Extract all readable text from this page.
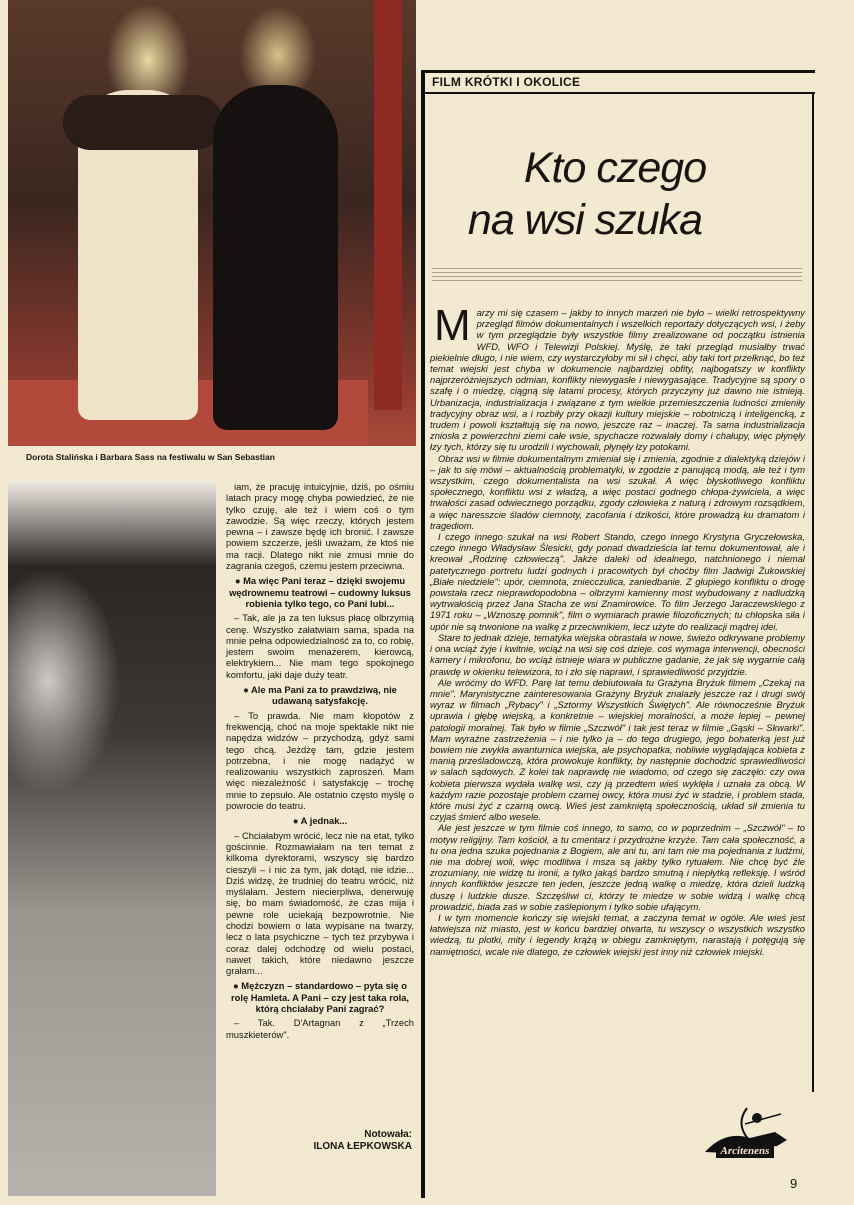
Dorota Stalińska i Barbara Sass na festiwalu w San Sebastian

iam, że pracuję intuicyjnie, dziś, po ośmiu latach pracy mogę chyba powiedzieć, że nie tylko czuję, ale też i wiem coś o tym zawodzie. Są więc rzeczy, których jestem pewna – i zawsze będę ich bronić. I zawsze powiem szczerze, jeśli uważam, że ktoś nie ma racji. Dlatego nikt nie zmusi mnie do zagrania czegoś, czemu jestem przeciwna.

● Ma więc Pani teraz – dzięki swojemu wędrownemu teatrowi – cudowny luksus robienia tylko tego, co Pani lubi...

– Tak, ale ja za ten luksus płacę olbrzymią cenę. Wszystko załatwiam sama, spada na mnie pełna odpowiedzialność za to, co robię, jestem swoim menażerem, kierowcą, elektrykiem... Nie mam tego spokojnego komfortu, jaki daje duży teatr.

● Ale ma Pani za to prawdziwą, nie udawaną satysfakcję.

– To prawda. Nie mam kłopotów z frekwencją, choć na moje spektakle nikt nie napędza widzów – przychodzą, gdyż sami tego chcą. Jeżdżę tam, gdzie jestem potrzebna, i nie mogę nadążyć w realizowaniu wszystkich zaproszeń. Mam więc niezależność i satysfakcję – trochę mnie to zepsuło. Ale ostatnio często myślę o powrocie do teatru.

● A jednak...

– Chciałabym wrócić, lecz nie na etat, tylko gościnnie. Rozmawiałam na ten temat z kilkoma dyrektorami, wszyscy się bardzo cieszyli – i nic za tym, jak dotąd, nie idzie... Dziś widzę, że trudniej do teatru wrócić, niż myślałam. Jestem niecierpliwa, denerwuję się, bo mam świadomość, że czas mija i pewne role uciekają bezpowrotnie. Nie chodzi bowiem o lata wypisane na twarzy, lecz o lata psychiczne – tych też przybywa i coraz dalej odchodzę od wielu postaci, nawet takich, które niedawno jeszcze grałam...

● Mężczyzn – standardowo – pyta się o rolę Hamleta. A Pani – czy jest taka rola, którą chciałaby Pani zagrać?

– Tak. D'Artagnan z „Trzech muszkieterów".

Notowała:
ILONA ŁEPKOWSKA
FILM KRÓTKI I OKOLICE
Kto czego
na wsi szuka

Marzy mi się czasem – jakby to innych marzeń nie było – wielki retrospektywny przegląd filmów dokumentalnych i wszelkich reportaży dotyczących wsi, i żeby w tym przeglądzie były wszystkie filmy zrealizowane od początku istnienia WFD, WFO i Telewizji Polskiej. Myślę, że taki przegląd musiałby trwać piekielnie długo, i nie wiem, czy wystarczyłoby mi sił i chęci, aby taki tort przełknąć, bo też temat wiejski jest chyba w dokumencie najbardziej obfity, najbogatszy w konflikty najprzeróżniejszych odmian, konflikty niewygasłe i niewygasające. Tradycyjne są spory o szafę i o miedzę, ciągną się latami procesy, których przyczyny już dawno nie istnieją. Urbanizacja, industrializacja i związane z tym wielkie przemieszczenia ludności zmieniły tradycyjny obraz wsi, a i rozbiły przy okazji kultury miejskie – robotniczą i inteligencką, z trudem i powoli kształtują się na nowo, jeszcze raz – inaczej. Ta sama industrializacja zniosła z powierzchni ziemi całe wsie, spychacze rozwalały domy i chałupy, więc płynęły łzy tych, którzy się tu urodzili i wychowali, płynęły łzy potokami.

Obraz wsi w filmie dokumentalnym zmieniał się i zmienia, zgodnie z dialektyką dziejów i – jak to się mówi – aktualnością problematyki, w zgodzie z panującą modą, ale też i tym wszystkim, czego dokumentalista na wsi szukał. A więc błyskotliwego konfliktu społecznego, konfliktu wsi z władzą, a więc postaci godnego chłopa-żywiciela, a więc trwałości zasad odwiecznego porządku, zgody człowieka z naturą i zdrowym rozsądkiem, a więc naresszcie śladów ciemnoty, zacofania i dzikości, które prowadzą ku dramatom i tragediom.

I czego innego szukał na wsi Robert Stando, czego innego Krystyna Gryczełowska, czego innego Władysław Ślesicki, gdy ponad dwadzieścia lat temu dokumentował, ale i kreował „Rodzinę człowieczą". Jakże daleki od idealnego, natchnionego i niemal patetycznego portretu ludzi godnych i pracowitych był choćby film Jadwigi Żukowskiej „Białe niedziele": upór, ciemnota, zniecczulica, zaniedbanie. Z głupiego konfliktu o drogę powstała rzecz nieprawdopodobna – olbrzymi kamienny most wybudowany z nadludzką wytrwałością przez Jana Stacha ze wsi Znamirowice. To film Jerzego Jaraczewskiego z 1971 roku – „Wznoszę pomnik", film o wymiarach prawie filozoficznych; tu chłopska siła i upór nie są trwonione na walkę z przeciwnikiem, lecz użyte do realizacji mądrej idei.

Stare to jednak dzieje, tematyka wiejska obrastała w nowe, świeżo odkrywane problemy i ona wciąż żyje i kwitnie, wciąż na wsi się coś dzieje. coś wymaga interwencji, obecności kamery i mikrofonu, bo wciąż istnieje wiara w publiczne gadanie, że jak się wygarnie całą prawdę w okienku telewizora, to i zło się naprawi, i sprawiedliwość przyjdzie.

Ale wróćmy do WFD. Parę lat temu debiutowała tu Grażyna Bryżuk filmem „Czekaj na mnie". Marynistyczne zainteresowania Grażyny Bryżuk znalazły jeszcze raz i drugi swój wyraz w filmach „Rybacy" i „Sztormy Wszystkich Świętych". Ale równocześnie Bryżuk uprawia i głębę wiejską, a konkretnie – wiejskiej moralności, a może lepiej – pewnej patologii moralnej. Tak było w filmie „Szczwół" i tak jest teraz w filmie „Gąski – Skwarki". Mam wyraźne zastrzeżenia – i nie tylko ja – do tego drugiego, jego bohaterką jest już bowiem nie zwykła awanturnica wiejska, ale psychopatka, nobliwie wyglądająca kobieta z manią prześladowczą, która prowokuje konflikty, by następnie dochodzić sprawiedliwości w salach sądowych. Z kolei tak naprawdę nie wiadomo, od czego się zaczęło: czy owa kobieta pierwsza wydała walkę wsi, czy ją przedtem wieś wyklęła i uznała za obcą. W każdym razie pozostaje problem czarnej owcy, która musi żyć w stadzie, i problem stada, które musi żyć z czarną owcą. Wieś jest zamkniętą społecznością, układ sił zmienia tu czyjaś śmierć albo wesele.

Ale jest jeszcze w tym filmie coś innego, to samo, co w poprzednim – „Szczwół" – to motyw religijny. Tam kościół, a tu cmentarz i przydrożne krzyże. Tam cała społeczność, a tu ona jedna szuka pojednania z Bogiem, ale ani tu, ani tam nie ma pojednania z ludźmi, nie ma dobrej woli, więc modlitwa i msza są jakby tylko rytuałem. Nie chcę być źle zrozumiany, nie widzę tu ironii, a tylko jakąś bardzo smutną i niepłytką refleksję. I wśród innych konfliktów jeszcze ten jeden, jeszcze jedną walkę o miedzę, która dzieli ludzką duszę i ludzkie dusze. Szczęśliwi ci, którzy te miedze w sobie widzą i walkę chcą prowadzić, biada zaś w sobie zaślepionym i tylko sobie ufającym.

I w tym momencie kończy się wiejski temat, a zaczyna temat w ogóle. Ale wieś jest łatwiejsza niż miasto, jest w końcu bardziej otwarta, tu wszyscy o wszystkich wszystko wiedzą, tu plotki, mity i legendy krążą w obiegu zamkniętym, narastają i potęgują się namiętności, wcale nie dlatego, że człowiek wiejski jest inny niż człowiek miejski.

Arcitenens
9
